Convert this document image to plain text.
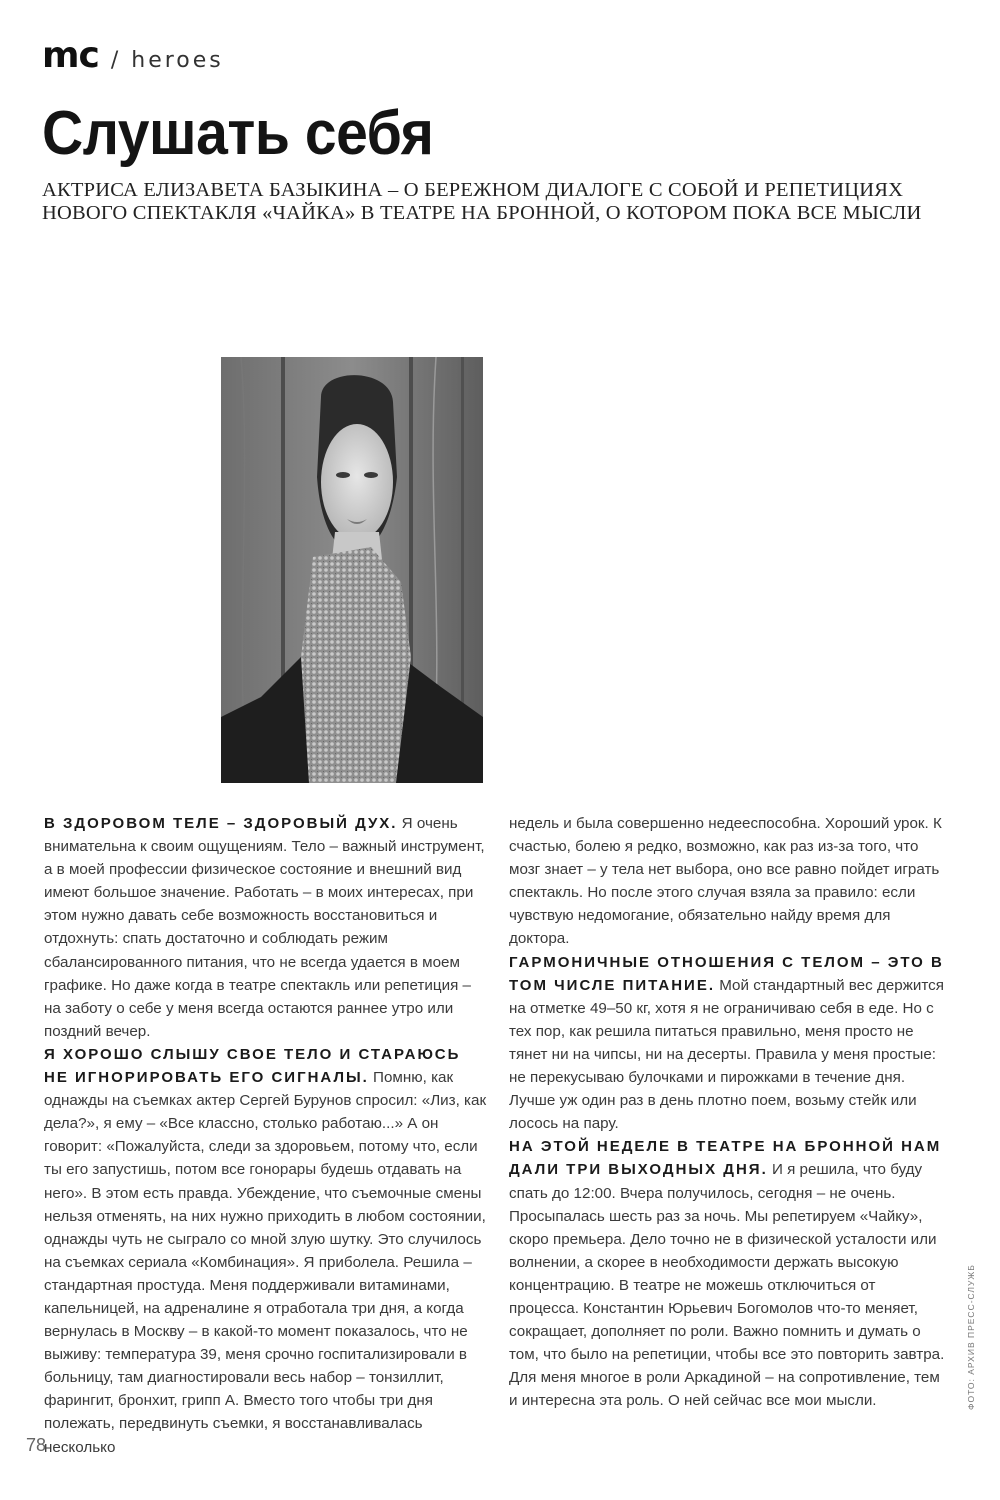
mc / heroes
Слушать себя

АКТРИСА ЕЛИЗАВЕТА БАЗЫКИНА – О БЕРЕЖНОМ ДИАЛОГЕ С СОБОЙ И РЕПЕТИЦИЯХ НОВОГО СПЕКТАКЛЯ «ЧАЙКА» В ТЕАТРЕ НА БРОННОЙ, О КОТОРОМ ПОКА ВСЕ МЫСЛИ

В ЗДОРОВОМ ТЕЛЕ – ЗДОРОВЫЙ ДУХ. Я очень внимательна к своим ощущениям. Тело – важный инструмент, а в моей профессии физическое состояние и внешний вид имеют большое значение. Работать – в моих интересах, при этом нужно давать себе возможность восстановиться и отдохнуть: спать достаточно и соблюдать режим сбалансированного питания, что не всегда удается в моем графике. Но даже когда в театре спектакль или репетиция – на заботу о себе у меня всегда остаются раннее утро или поздний вечер.

Я ХОРОШО СЛЫШУ СВОЕ ТЕЛО И СТАРАЮСЬ НЕ ИГНОРИРОВАТЬ ЕГО СИГНАЛЫ. Помню, как однажды на съемках актер Сергей Бурунов спросил: «Лиз, как дела?», я ему – «Все классно, столько работаю...» А он говорит: «Пожалуйста, следи за здоровьем, потому что, если ты его запустишь, потом все гонорары будешь отдавать на него». В этом есть правда. Убеждение, что съемочные смены нельзя отменять, на них нужно приходить в любом состоянии, однажды чуть не сыграло со мной злую шутку. Это случилось на съемках сериала «Комбинация». Я приболела. Решила – стандартная простуда. Меня поддерживали витаминами, капельницей, на адреналине я отработала три дня, а когда вернулась в Москву – в какой-то момент показалось, что не выживу: температура 39, меня срочно госпитализировали в больницу, там диагностировали весь набор – тонзиллит, фарингит, бронхит, грипп А. Вместо того чтобы три дня полежать, передвинуть съемки, я восстанавливалась несколько

недель и была совершенно недееспособна. Хороший урок. К счастью, болею я редко, возможно, как раз из-за того, что мозг знает – у тела нет выбора, оно все равно пойдет играть спектакль. Но после этого случая взяла за правило: если чувствую недомогание, обязательно найду время для доктора.

ГАРМОНИЧНЫЕ ОТНОШЕНИЯ С ТЕЛОМ – ЭТО В ТОМ ЧИСЛЕ ПИТАНИЕ. Мой стандартный вес держится на отметке 49–50 кг, хотя я не ограничиваю себя в еде. Но с тех пор, как решила питаться правильно, меня просто не тянет ни на чипсы, ни на десерты. Правила у меня простые: не перекусываю булочками и пирожками в течение дня. Лучше уж один раз в день плотно поем, возьму стейк или лосось на пару.

НА ЭТОЙ НЕДЕЛЕ В ТЕАТРЕ НА БРОННОЙ НАМ ДАЛИ ТРИ ВЫХОДНЫХ ДНЯ. И я решила, что буду спать до 12:00. Вчера получилось, сегодня – не очень. Просыпалась шесть раз за ночь. Мы репетируем «Чайку», скоро премьера. Дело точно не в физической усталости или волнении, а скорее в необходимости держать высокую концентрацию. В театре не можешь отключиться от процесса. Константин Юрьевич Богомолов что-то меняет, сокращает, дополняет по роли. Важно помнить и думать о том, что было на репетиции, чтобы все это повторить завтра. Для меня многое в роли Аркадиной – на сопротивление, тем и интересна эта роль. О ней сейчас все мои мысли.

78
ФОТО: АРХИВ ПРЕСС-СЛУЖБ
